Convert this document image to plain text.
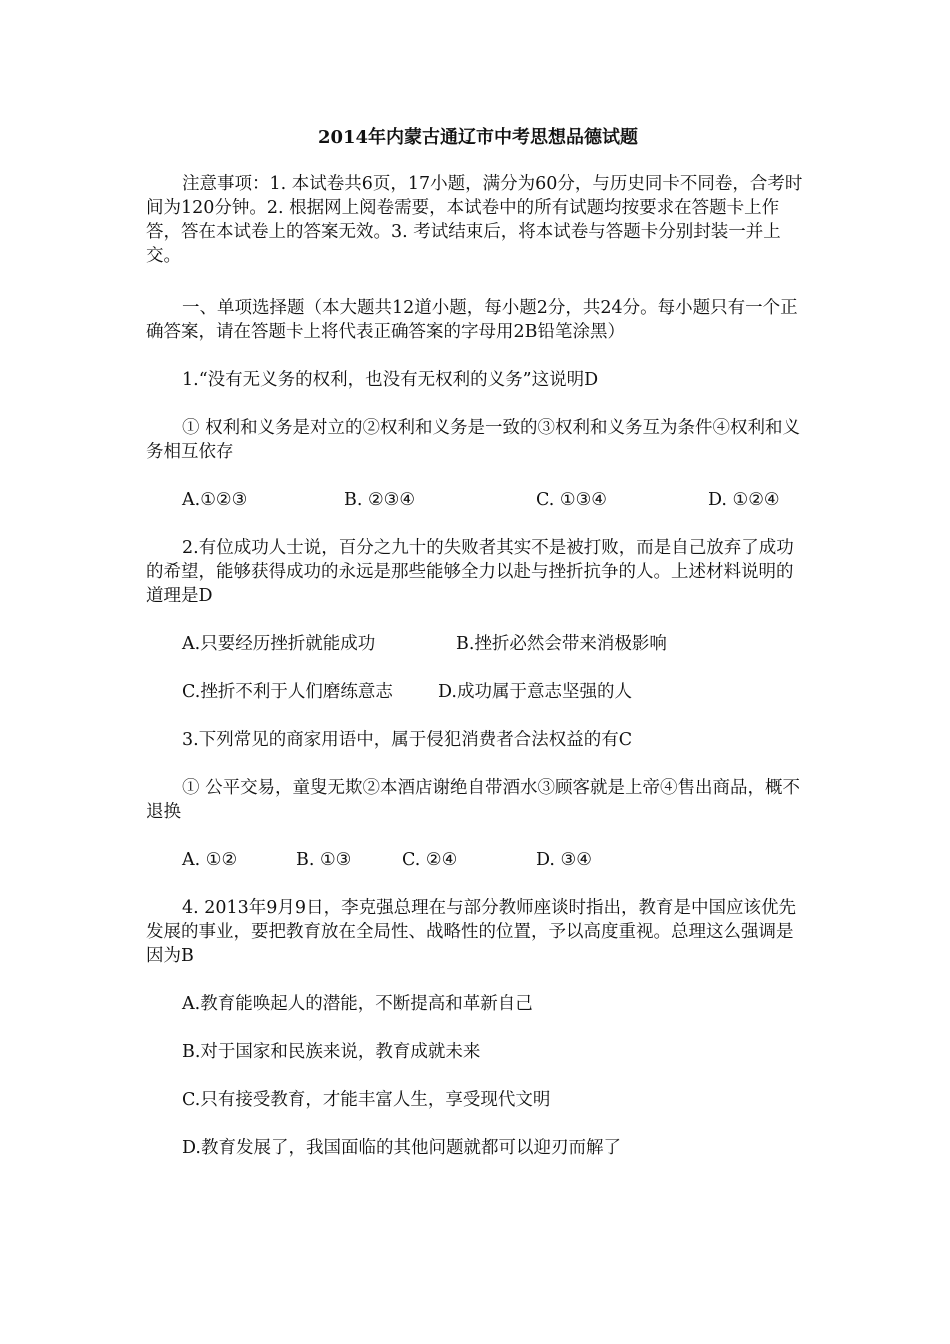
2014年内蒙古通辽市中考思想品德试题

注意事项：1. 本试卷共6页，17小题，满分为60分，与历史同卡不同卷，合考时间为120分钟。2. 根据网上阅卷需要，本试卷中的所有试题均按要求在答题卡上作答，答在本试卷上的答案无效。3. 考试结束后，将本试卷与答题卡分别封装一并上交。

一、单项选择题（本大题共12道小题，每小题2分，共24分。每小题只有一个正确答案，请在答题卡上将代表正确答案的字母用2B铅笔涂黑）

1.“没有无义务的权利，也没有无权利的义务”这说明D

① 权利和义务是对立的②权利和义务是一致的③权利和义务互为条件④权利和义务相互依存

A.①②③	B. ②③④	C. ①③④	D. ①②④

2.有位成功人士说，百分之九十的失败者其实不是被打败，而是自己放弃了成功的希望，能够获得成功的永远是那些能够全力以赴与挫折抗争的人。上述材料说明的道理是D

A.只要经历挫折就能成功	B.挫折必然会带来消极影响
C.挫折不利于人们磨练意志	D.成功属于意志坚强的人
3.下列常见的商家用语中，属于侵犯消费者合法权益的有C

① 公平交易，童叟无欺②本酒店谢绝自带酒水③顾客就是上帝④售出商品，概不退换

A. ①②	B. ①③	C. ②④	D. ③④

4. 2013年9月9日，李克强总理在与部分教师座谈时指出，教育是中国应该优先发展的事业，要把教育放在全局性、战略性的位置，予以高度重视。总理这么强调是因为B

A.教育能唤起人的潜能，不断提高和革新自己
B.对于国家和民族来说，教育成就未来
C.只有接受教育，才能丰富人生，享受现代文明
D.教育发展了，我国面临的其他问题就都可以迎刃而解了
